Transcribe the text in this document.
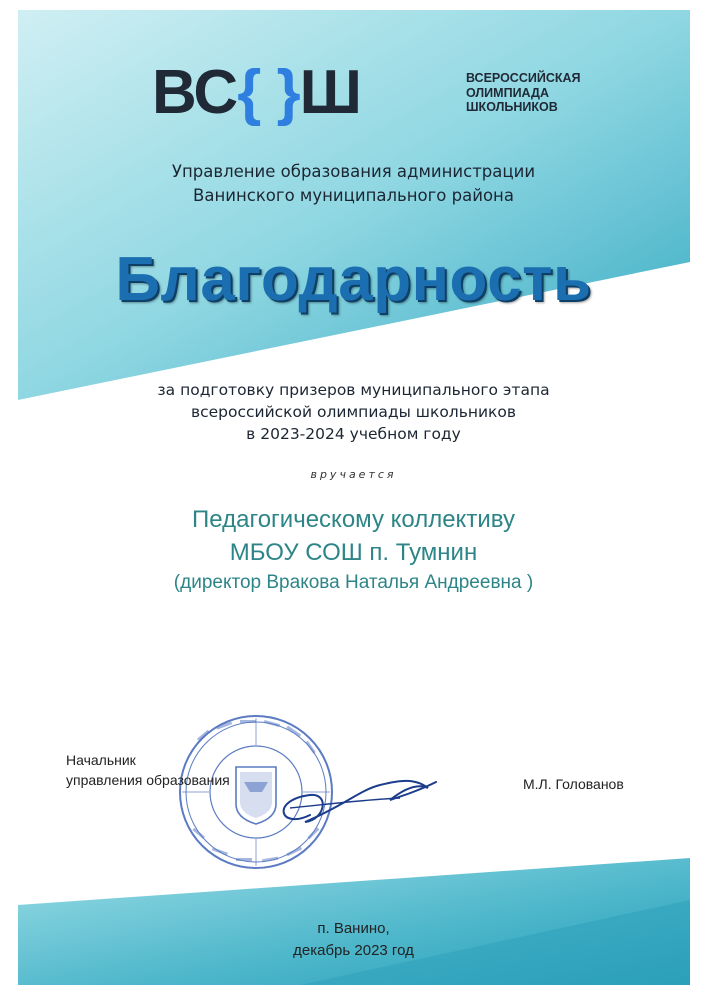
ВС{ }Ш	ВСЕРОССИЙСКАЯ
ОЛИМПИАДА
ШКОЛЬНИКОВ
Управление образования администрации
Ванинского муниципального района
Благодарность
за подготовку призеров муниципального этапа
всероссийской олимпиады школьников
в 2023-2024 учебном году
вручается
Педагогическому коллективу
МБОУ СОШ п. Тумнин
(директор Вракова Наталья Андреевна )
Начальник
управления образования	М.Л. Голованов
п. Ванино,
декабрь 2023 год
